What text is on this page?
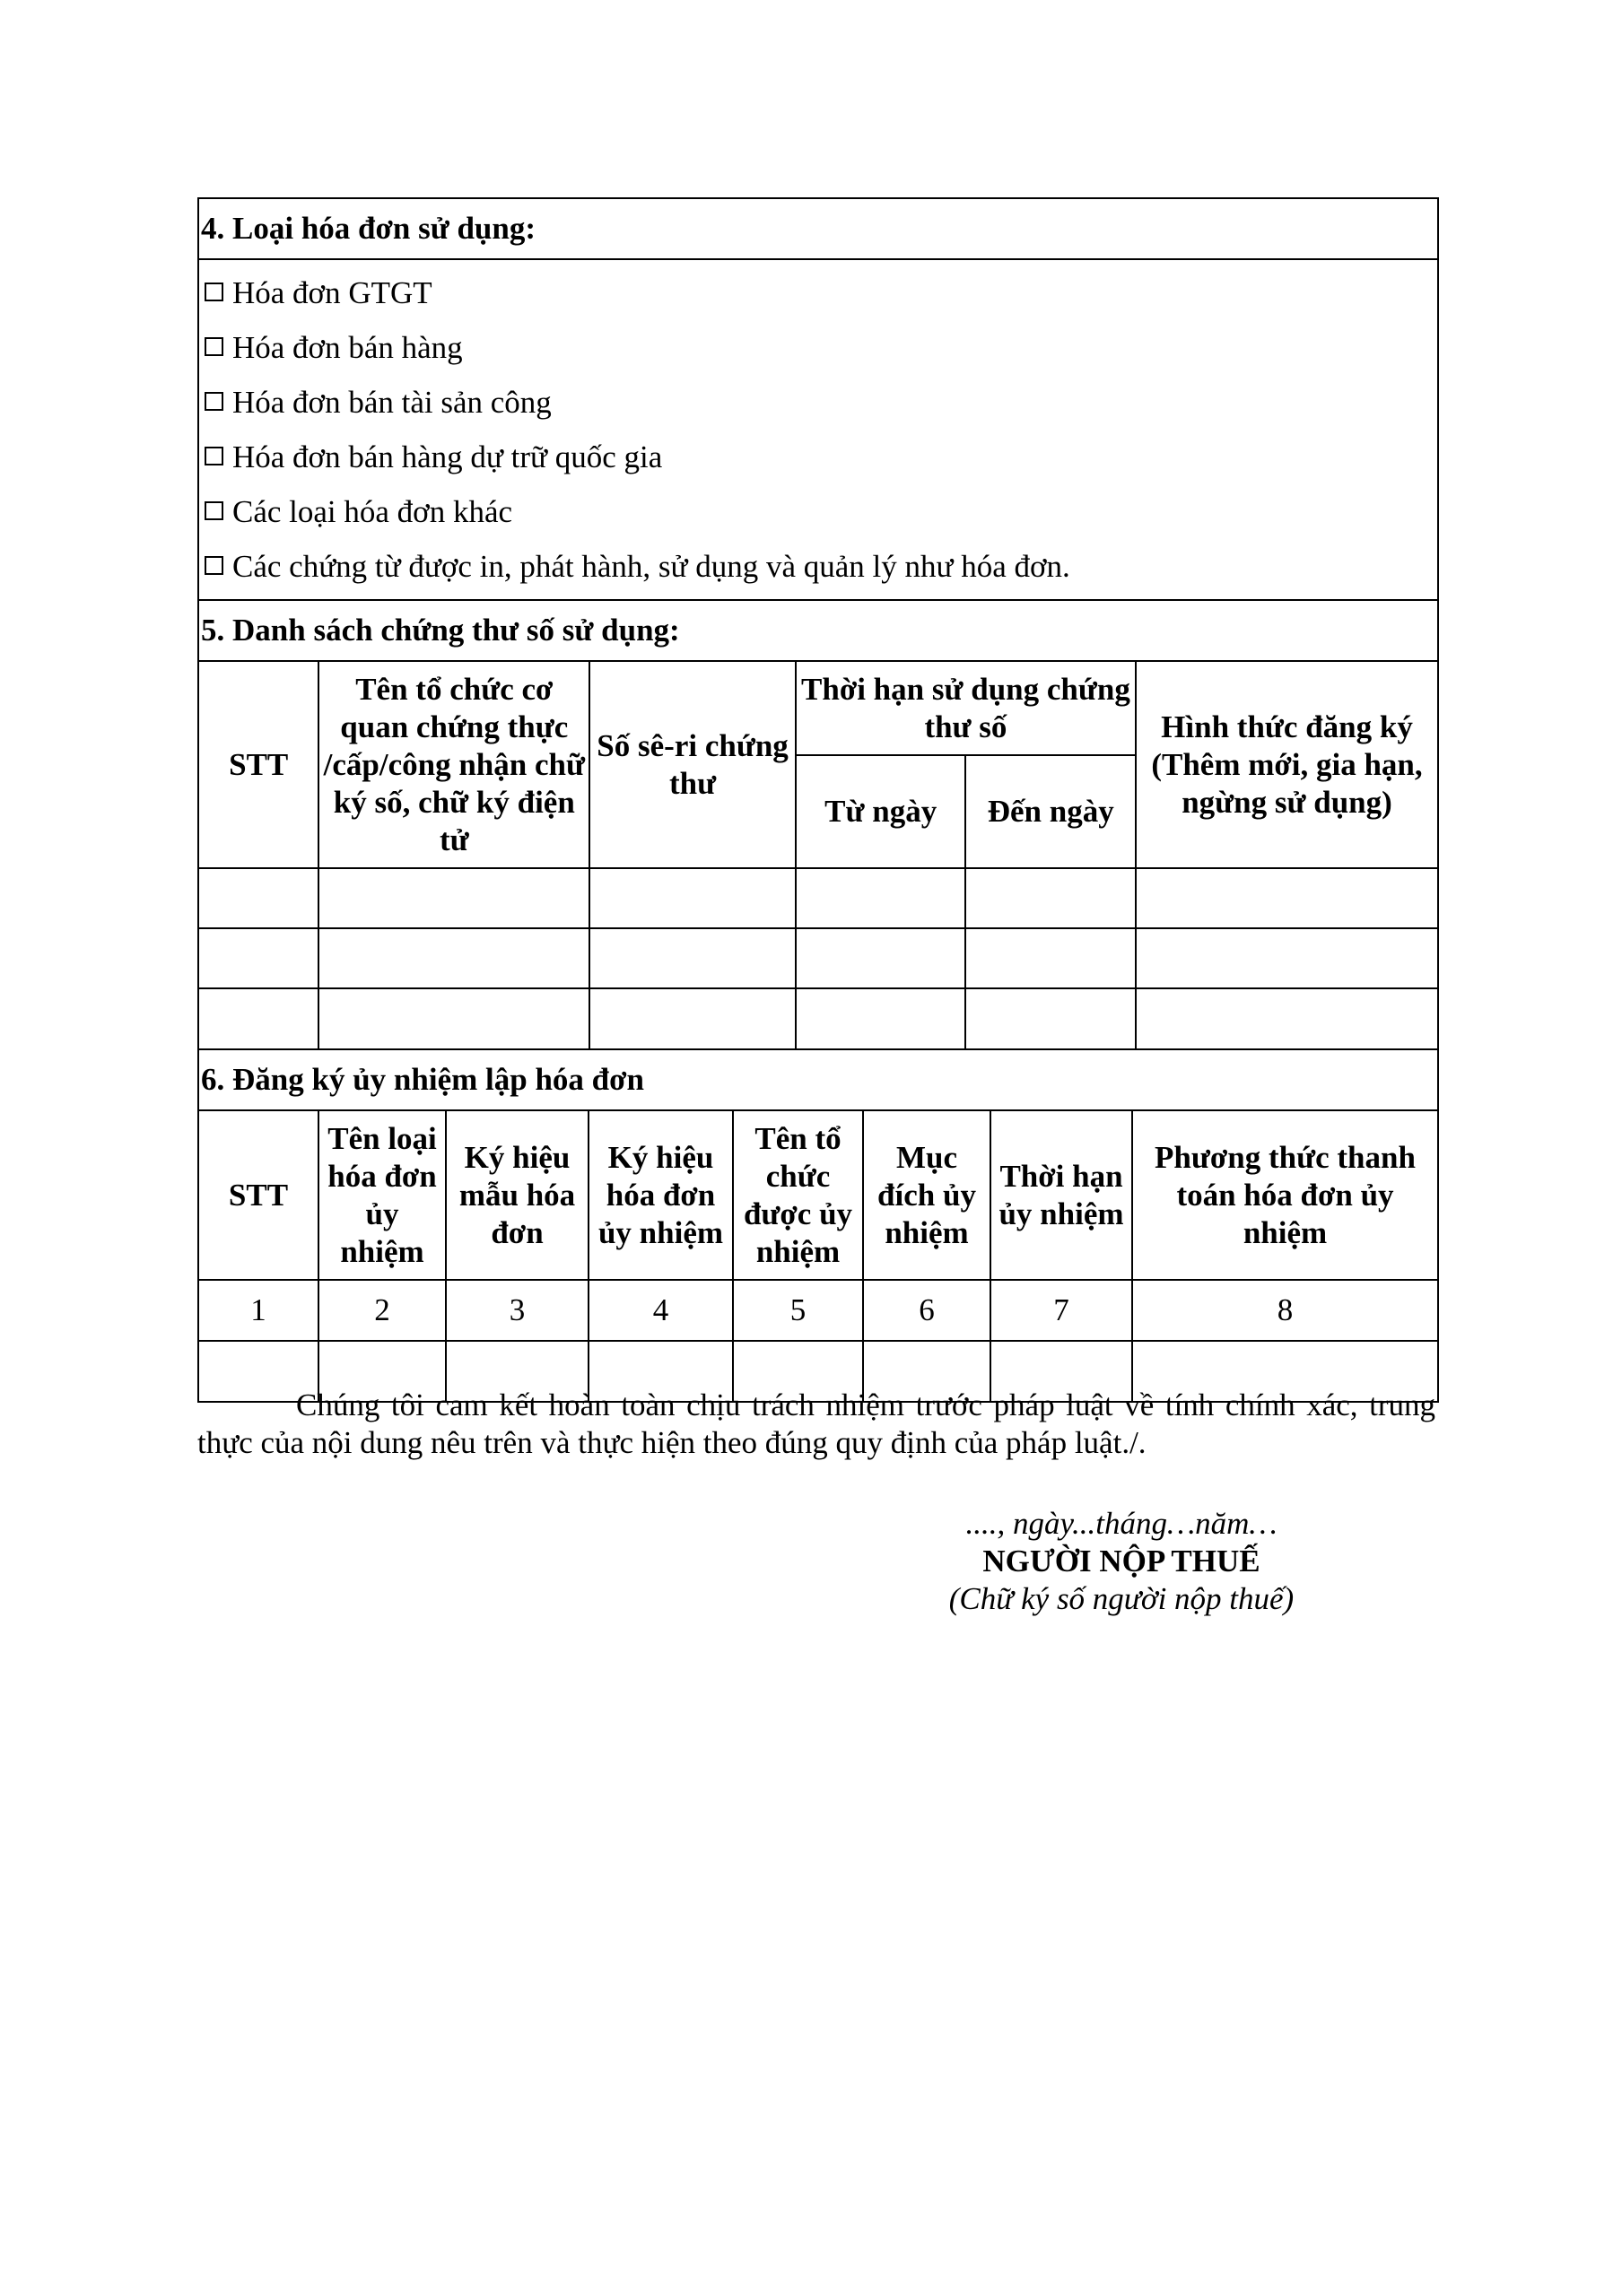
4. Loại hóa đơn sử dụng:
Hóa đơn GTGT
Hóa đơn bán hàng
Hóa đơn bán tài sản công
Hóa đơn bán hàng dự trữ quốc gia
Các loại hóa đơn khác
Các chứng từ được in, phát hành, sử dụng và quản lý như hóa đơn.
5. Danh sách chứng thư số sử dụng:
STT	Tên tổ chức cơ quan chứng thực /cấp/công nhận chữ ký số, chữ ký điện tử	Số sê-ri chứng thư	Thời hạn sử dụng chứng thư số		Hình thức đăng ký (Thêm mới, gia hạn, ngừng sử dụng)
			Từ ngày	Đến ngày	

6. Đăng ký ủy nhiệm lập hóa đơn
STT	Tên loại hóa đơn ủy nhiệm	Ký hiệu mẫu hóa đơn	Ký hiệu hóa đơn ủy nhiệm	Tên tổ chức được ủy nhiệm	Mục đích ủy nhiệm	Thời hạn ủy nhiệm	Phương thức thanh toán hóa đơn ủy nhiệm
1	2	3	4	5	6	7	8

Chúng tôi cam kết hoàn toàn chịu trách nhiệm trước pháp luật về tính chính xác, trung thực của nội dung nêu trên và thực hiện theo đúng quy định của pháp luật./.
...., ngày...tháng…năm…
NGƯỜI NỘP THUẾ
(Chữ ký số người nộp thuế)
